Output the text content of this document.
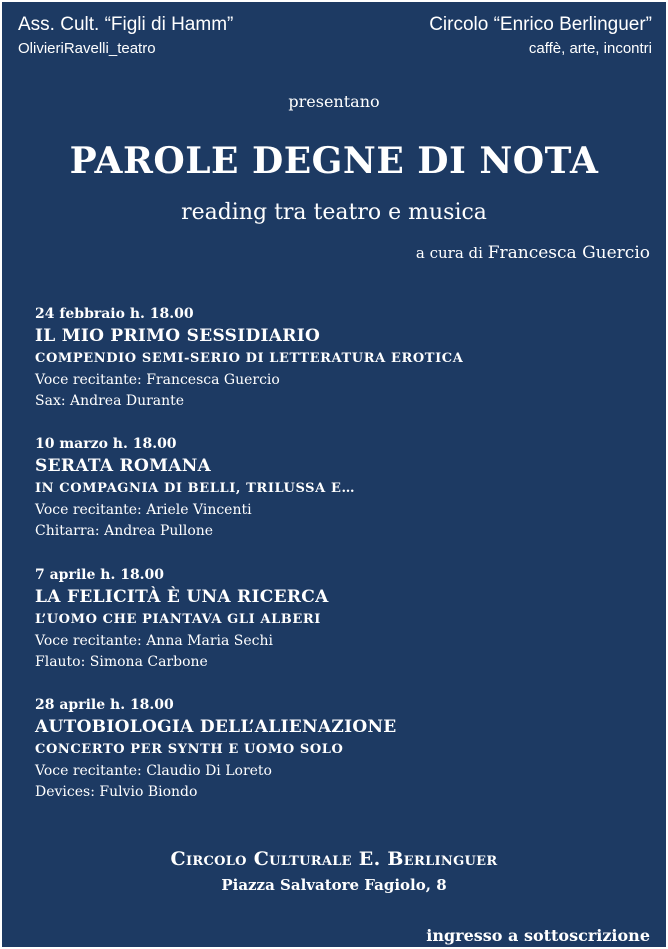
Ass. Cult. “Figli di Hamm”
OlivieriRavelli_teatro
Circolo “Enrico Berlinguer”
caffè, arte, incontri
presentano
PAROLE DEGNE DI NOTA
reading tra teatro e musica
a cura di Francesca Guercio
24 febbraio h. 18.00
IL MIO PRIMO SESSIDIARIO
COMPENDIO SEMI-SERIO DI LETTERATURA EROTICA
Voce recitante: Francesca Guercio
Sax: Andrea Durante
10 marzo h. 18.00
SERATA ROMANA
IN COMPAGNIA DI BELLI, TRILUSSA E…
Voce recitante: Ariele Vincenti
Chitarra: Andrea Pullone
7 aprile h. 18.00
LA FELICITÀ È UNA RICERCA
L’UOMO CHE PIANTAVA GLI ALBERI
Voce recitante: Anna Maria Sechi
Flauto: Simona Carbone
28 aprile h. 18.00
AUTOBIOLOGIA DELL’ALIENAZIONE
CONCERTO PER SYNTH E UOMO SOLO
Voce recitante: Claudio Di Loreto
Devices: Fulvio Biondo
Circolo Culturale E. Berlinguer
Piazza Salvatore Fagiolo, 8
ingresso a sottoscrizione
